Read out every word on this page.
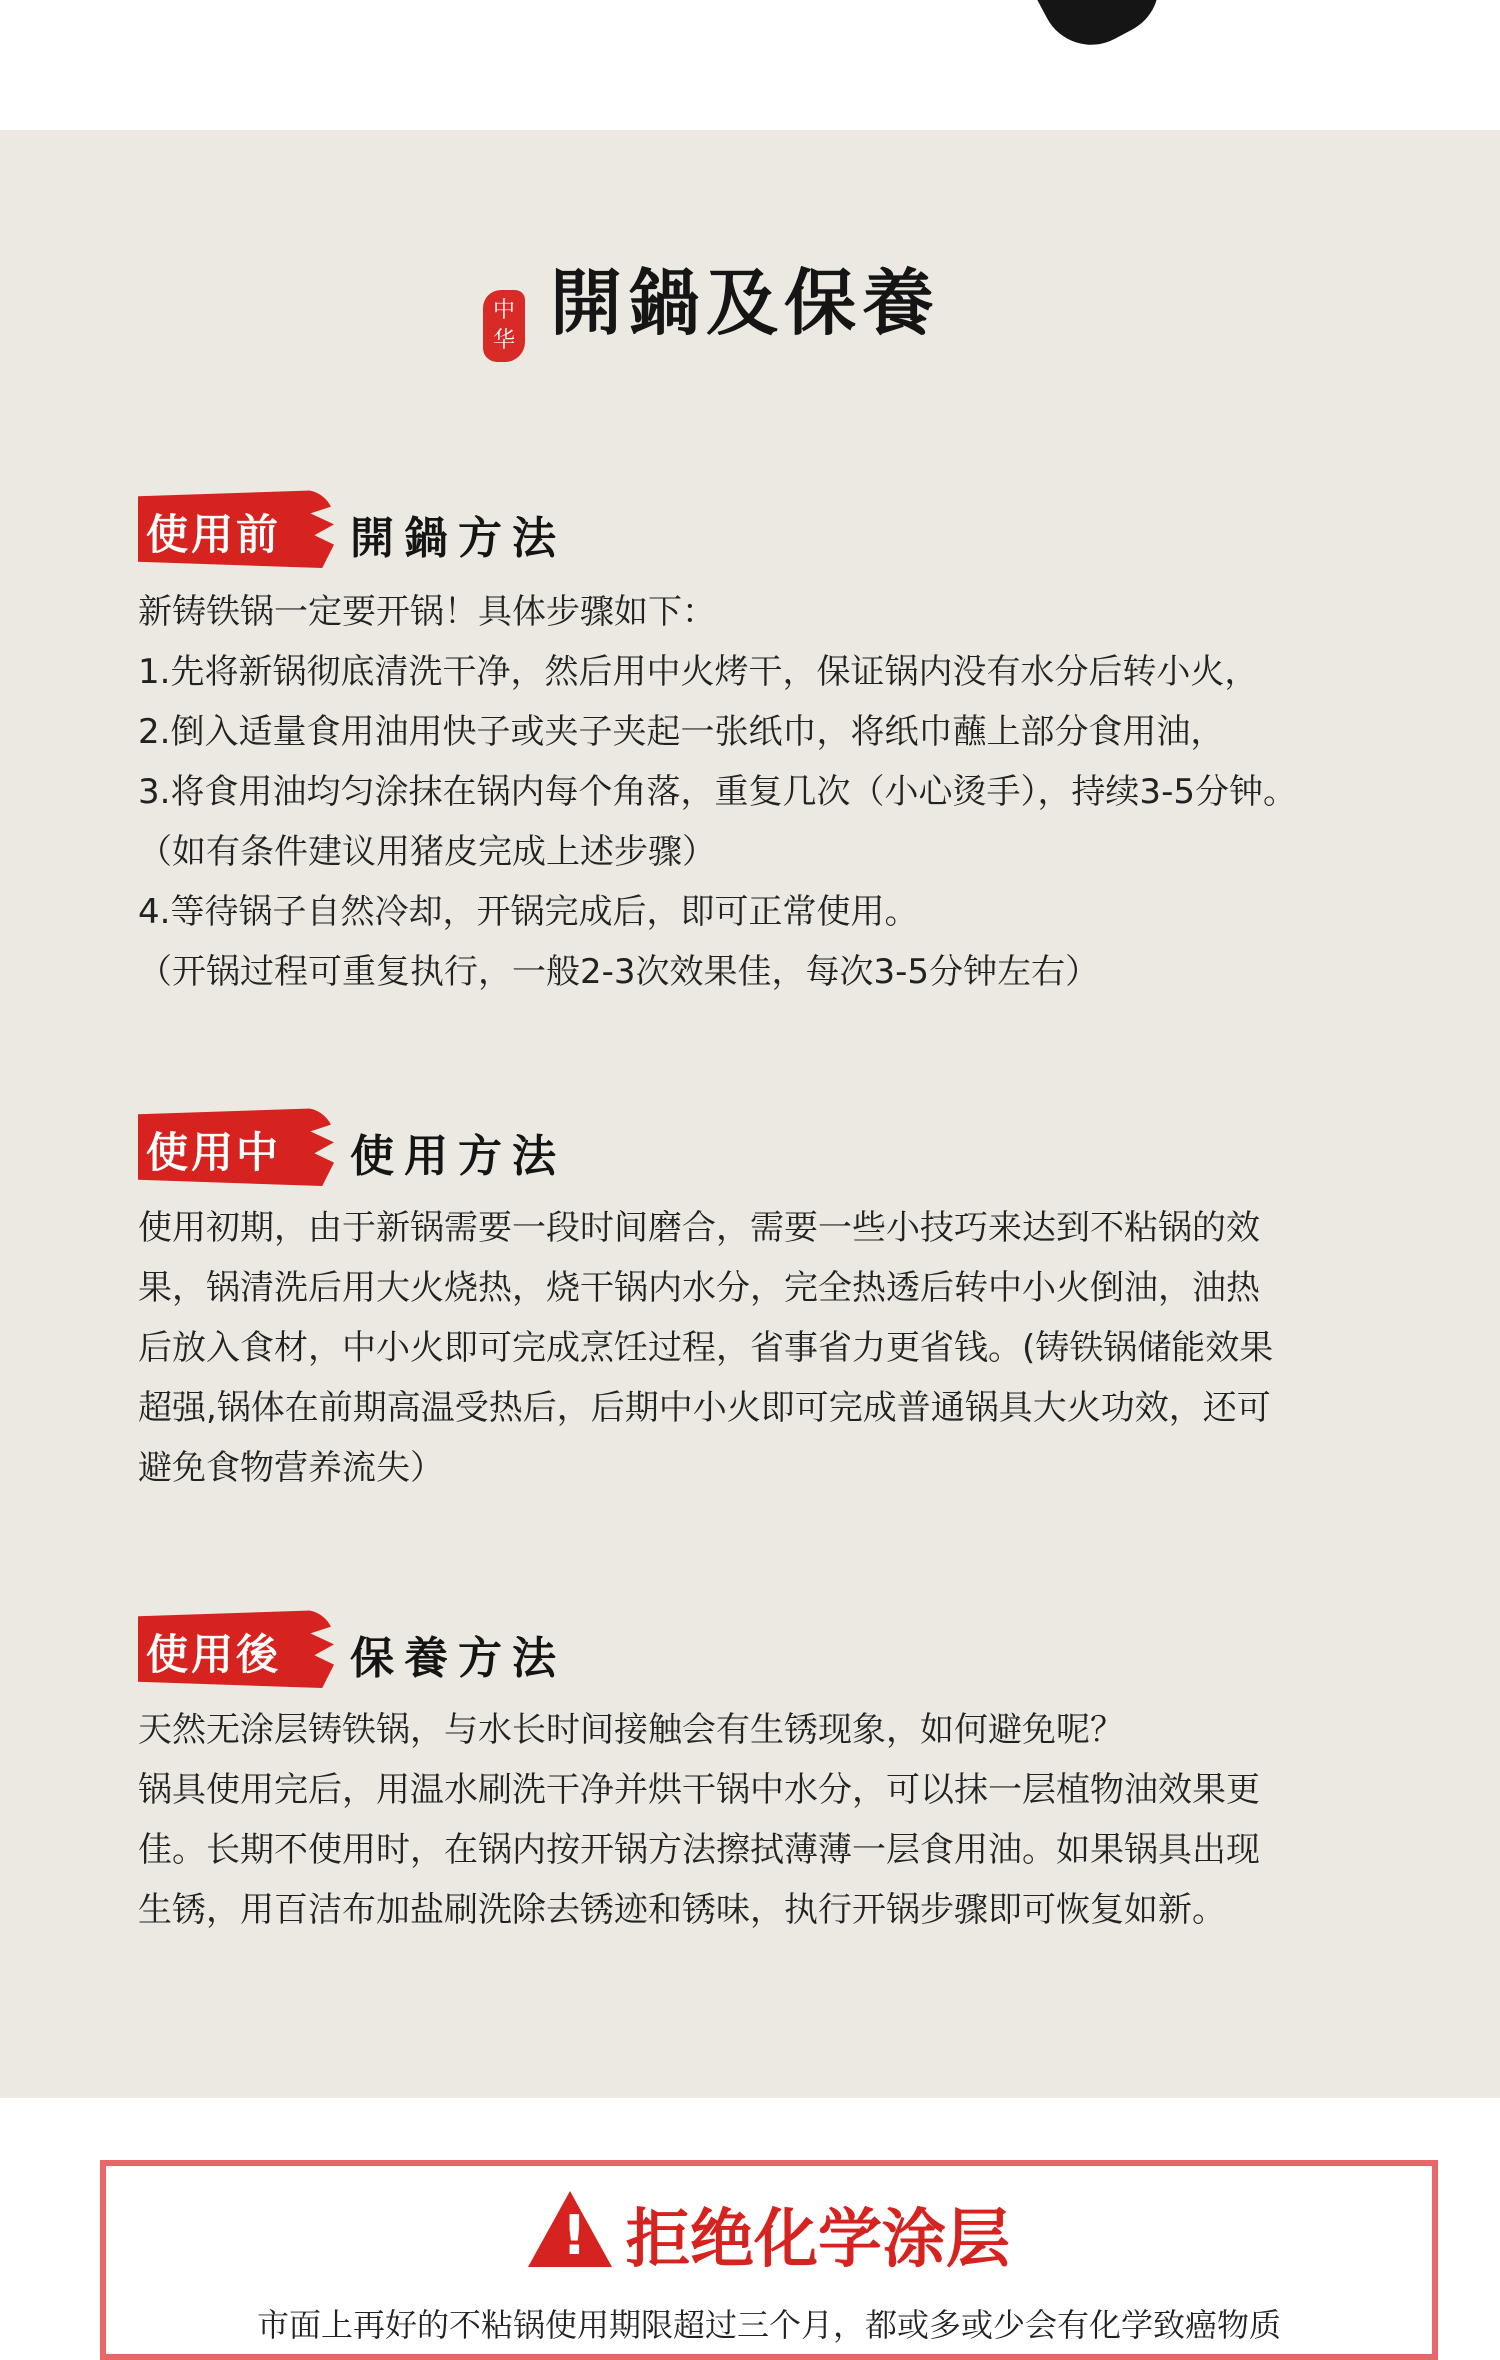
中华 開鍋及保養
使用前 開鍋方法

新铸铁锅一定要开锅！具体步骤如下：

1.先将新锅彻底清洗干净，然后用中火烤干，保证锅内没有水分后转小火，

2.倒入适量食用油用快子或夹子夹起一张纸巾，将纸巾蘸上部分食用油，

3.将食用油均匀涂抹在锅内每个角落，重复几次（小心烫手），持续3-5分钟。

（如有条件建议用猪皮完成上述步骤）

4.等待锅子自然冷却，开锅完成后，即可正常使用。

（开锅过程可重复执行，一般2-3次效果佳，每次3-5分钟左右）

使用中 使用方法

使用初期，由于新锅需要一段时间磨合，需要一些小技巧来达到不粘锅的效

果，锅清洗后用大火烧热，烧干锅内水分，完全热透后转中小火倒油，油热

后放入食材，中小火即可完成烹饪过程，省事省力更省钱。(铸铁锅储能效果

超强,锅体在前期高温受热后，后期中小火即可完成普通锅具大火功效，还可

避免食物营养流失）

使用後 保養方法

天然无涂层铸铁锅，与水长时间接触会有生锈现象，如何避免呢？

锅具使用完后，用温水刷洗干净并烘干锅中水分，可以抹一层植物油效果更

佳。长期不使用时，在锅内按开锅方法擦拭薄薄一层食用油。如果锅具出现

生锈，用百洁布加盐刷洗除去锈迹和锈味，执行开锅步骤即可恢复如新。

! 拒绝化学涂层
市面上再好的不粘锅使用期限超过三个月，都或多或少会有化学致癌物质
